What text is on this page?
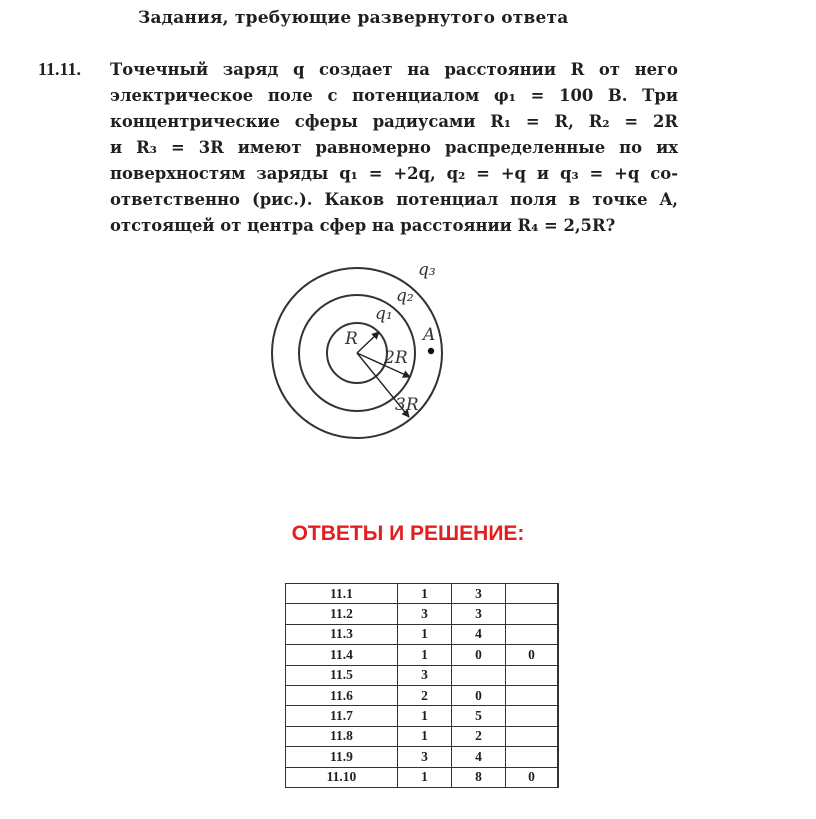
Задания, требующие развернутого ответа
11.11. Точечный заряд q создает на расстоянии R от него
электрическое поле с потенциалом φ₁ = 100 В. Три
концентрические сферы радиусами R₁ = R, R₂ = 2R
и R₃ = 3R имеют равномерно распределенные по их
поверхностям заряды q₁ = +2q, q₂ = +q и q₃ = +q со-
ответственно (рис.). Каков потенциал поля в точке A,
отстоящей от центра сфер на расстоянии R₄ = 2,5R?
q₃
q₂
q₁
R	A
2R
3R
ОТВЕТЫ И РЕШЕНИЕ:
11.1	1	3	
11.2	3	3	
11.3	1	4	
11.4	1	0	0
11.5	3		
11.6	2	0	
11.7	1	5	
11.8	1	2	
11.9	3	4	
11.10	1	8	0
